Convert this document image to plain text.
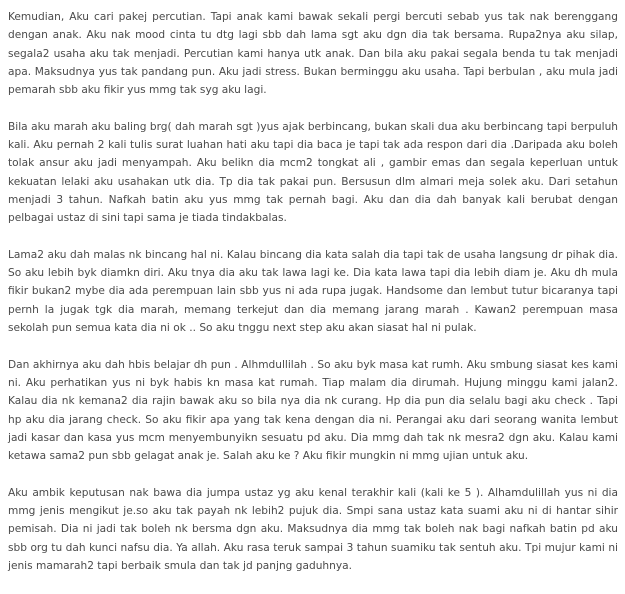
Kemudian, Aku cari pakej percutian. Tapi anak kami bawak sekali pergi bercuti sebab yus tak nak berenggang dengan anak. Aku nak mood cinta tu dtg lagi sbb dah lama sgt aku dgn dia tak bersama. Rupa2nya aku silap, segala2 usaha aku tak menjadi. Percutian kami hanya utk anak. Dan bila aku pakai segala benda tu tak menjadi apa. Maksudnya yus tak pandang pun. Aku jadi stress. Bukan berminggu aku usaha. Tapi berbulan , aku mula jadi pemarah sbb aku fikir yus mmg tak syg aku lagi.

Bila aku marah aku baling brg( dah marah sgt )yus ajak berbincang, bukan skali dua aku berbincang tapi berpuluh kali. Aku pernah 2 kali tulis surat luahan hati aku tapi dia baca je tapi tak ada respon dari dia .Daripada aku boleh tolak ansur aku jadi menyampah. Aku belikn dia mcm2 tongkat ali , gambir emas dan segala keperluan untuk kekuatan lelaki aku usahakan utk dia. Tp dia tak pakai pun. Bersusun dlm almari meja solek aku. Dari setahun menjadi 3 tahun. Nafkah batin aku yus mmg tak pernah bagi. Aku dan dia dah banyak kali berubat dengan pelbagai ustaz di sini tapi sama je tiada tindakbalas.

Lama2 aku dah malas nk bincang hal ni. Kalau bincang dia kata salah dia tapi tak de usaha langsung dr pihak dia. So aku lebih byk diamkn diri. Aku tnya dia aku tak lawa lagi ke. Dia kata lawa tapi dia lebih diam je. Aku dh mula fikir bukan2 mybe dia ada perempuan lain sbb yus ni ada rupa jugak. Handsome dan lembut tutur bicaranya tapi pernh la jugak tgk dia marah, memang terkejut dan dia memang jarang marah . Kawan2 perempuan masa sekolah pun semua kata dia ni ok .. So aku tnggu next step aku akan siasat hal ni pulak.

Dan akhirnya aku dah hbis belajar dh pun . Alhmdullilah . So aku byk masa kat rumh. Aku smbung siasat kes kami ni. Aku perhatikan yus ni byk habis kn masa kat rumah. Tiap malam dia dirumah. Hujung minggu kami jalan2. Kalau dia nk kemana2 dia rajin bawak aku so bila nya dia nk curang. Hp dia pun dia selalu bagi aku check . Tapi hp aku dia jarang check. So aku fikir apa yang tak kena dengan dia ni. Perangai aku dari seorang wanita lembut jadi kasar dan kasa yus mcm menyembunyikn sesuatu pd aku. Dia mmg dah tak nk mesra2 dgn aku. Kalau kami ketawa sama2 pun sbb gelagat anak je. Salah aku ke ? Aku fikir mungkin ni mmg ujian untuk aku.

Aku ambik keputusan nak bawa dia jumpa ustaz yg aku kenal terakhir kali (kali ke 5 ). Alhamdulillah yus ni dia mmg jenis mengikut je.so aku tak payah nk lebih2 pujuk dia. Smpi sana ustaz kata suami aku ni di hantar sihir pemisah. Dia ni jadi tak boleh nk bersma dgn aku. Maksudnya dia mmg tak boleh nak bagi nafkah batin pd aku sbb org tu dah kunci nafsu dia. Ya allah. Aku rasa teruk sampai 3 tahun suamiku tak sentuh aku. Tpi mujur kami ni jenis mamarah2 tapi berbaik smula dan tak jd panjng gaduhnya.
